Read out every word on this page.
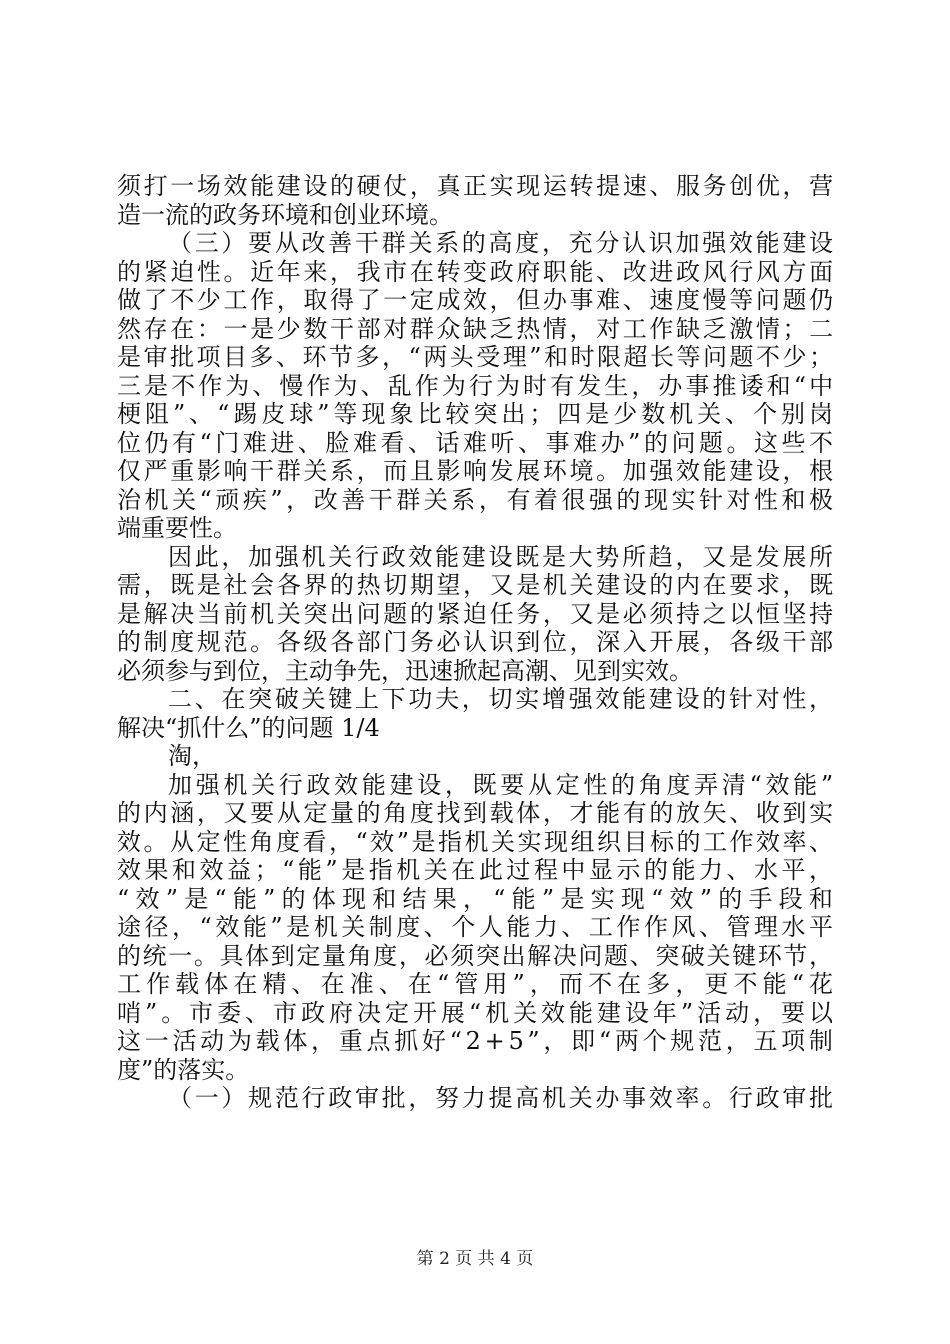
须打一场效能建设的硬仗，真正实现运转提速、服务创优，营
造一流的政务环境和创业环境。
（三）要从改善干群关系的高度，充分认识加强效能建设
的紧迫性。近年来，我市在转变政府职能、改进政风行风方面
做了不少工作，取得了一定成效，但办事难、速度慢等问题仍
然存在：一是少数干部对群众缺乏热情，对工作缺乏激情；二
是审批项目多、环节多，“两头受理”和时限超长等问题不少；
三是不作为、慢作为、乱作为行为时有发生，办事推诿和“中
梗阻”、“踢皮球”等现象比较突出；四是少数机关、个别岗
位仍有“门难进、脸难看、话难听、事难办”的问题。这些不
仅严重影响干群关系，而且影响发展环境。加强效能建设，根
治机关“顽疾”，改善干群关系，有着很强的现实针对性和极
端重要性。
因此，加强机关行政效能建设既是大势所趋，又是发展所
需，既是社会各界的热切期望，又是机关建设的内在要求，既
是解决当前机关突出问题的紧迫任务，又是必须持之以恒坚持
的制度规范。各级各部门务必认识到位，深入开展，各级干部
必须参与到位，主动争先，迅速掀起高潮、见到实效。
二、在突破关键上下功夫，切实增强效能建设的针对性，
解决“抓什么”的问题 1/4
淘，
加强机关行政效能建设，既要从定性的角度弄清“效能”
的内涵，又要从定量的角度找到载体，才能有的放矢、收到实
效。从定性角度看，“效”是指机关实现组织目标的工作效率、
效果和效益；“能”是指机关在此过程中显示的能力、水平，
“效”是“能”的体现和结果，“能”是实现“效”的手段和
途径，“效能”是机关制度、个人能力、工作作风、管理水平
的统一。具体到定量角度，必须突出解决问题、突破关键环节，
工作载体在精、在准、在“管用”，而不在多，更不能“花
哨”。市委、市政府决定开展“机关效能建设年”活动，要以
这一活动为载体，重点抓好“2+5”，即“两个规范，五项制
度”的落实。
（一）规范行政审批，努力提高机关办事效率。行政审批
第 2 页 共 4 页
